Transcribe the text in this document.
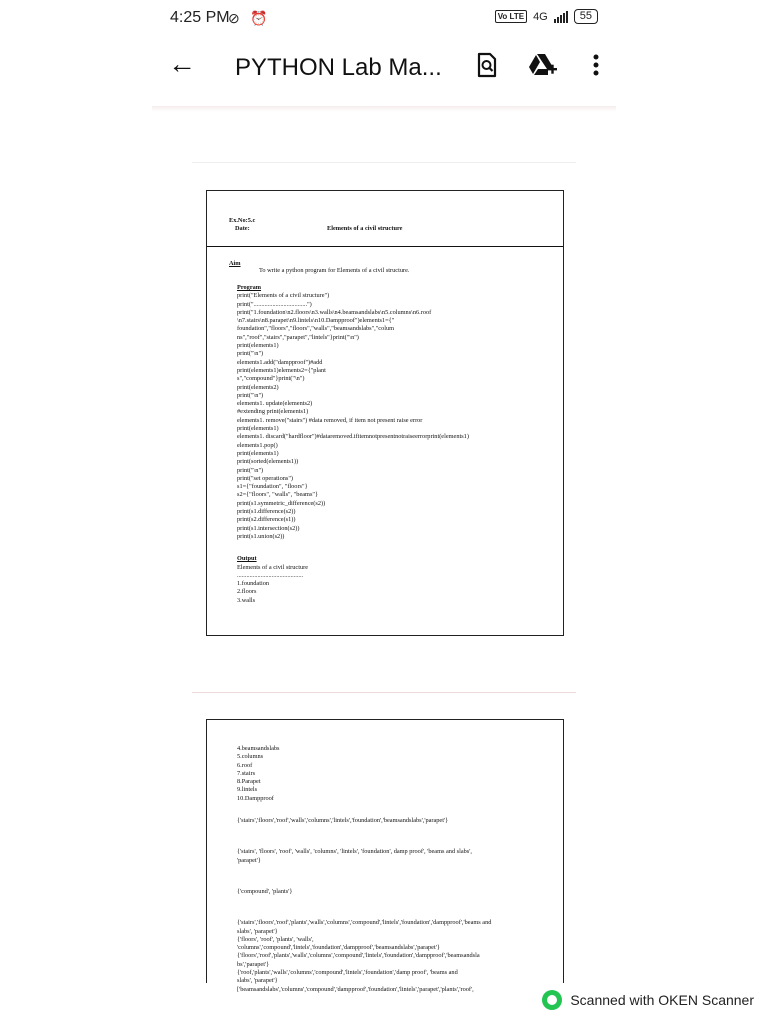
4:25 PM
⊘ ⏰	Vo LTE 4G	55
← PYTHON Lab Ma...
Ex.No:5.c
Date:	Elements of a civil structure
Aim
To write a python program for Elements of a civil structure.
Program
print("Elements of a civil structure")
print("..................................")
print("1.foundation\n2.floors\n3.walls\n4.beamsandslabs\n5.columns\n6.roof
\n7.stairs\n8.parapet\n9.lintels\n10.Dampproof")elements1={"
foundation","floors","floors","walls","beamsandslabs","colum
ns","roof","stairs","parapet","lintels"}print("\n")
print(elements1)
print("\n")
elements1.add("dampproof")#add
print(elements1)elements2={"plant
s","compound"}print("\n")
print(elements2)
print("\n")
elements1. update(elements2)
#extending print(elements1)
elements1. remove("stairs") #data removed, if item not present raise error
print(elements1)
elements1. discard("hardfloor")#dataremoved.ifitemnotpresentnotraiseerrorprint(elements1)
elements1.pop()
print(elements1)
print(sorted(elements1))
print("\n")
print("set operations")
s1={"foundation", "floors"}
s2={"floors", "walls", "beams"}
print(s1.symmetric_difference(s2))
print(s1.difference(s2))
print(s2.difference(s1))
print(s1.intersection(s2))
print(s1.union(s2))
Output
Elements of a civil structure
..........................................
1.foundation
2.floors
3.walls
4.beamsandslabs
5.columns
6.roof
7.stairs
8.Parapet
9.lintels
10.Dampproof
{'stairs','floors','roof','walls','columns','lintels','foundation','beamsandslabs','parapet'}
{'stairs', 'floors', 'roof', 'walls', 'columns', 'lintels', 'foundation', damp proof', 'beams and slabs',
'parapet'}
{'compound', 'plants'}
{'stairs','floors','roof','plants','walls','columns','compound','lintels','foundation','dampproof','beams and
slabs', 'parapet'}
{'floors', 'roof', 'plants', 'walls',
'columns','compound','lintels','foundation','dampproof','beamsandslabs','parapet'}
{'floors','roof','plants','walls','columns','compound','lintels','foundation','dampproof','beamsandsla
bs','parapet'}
{'roof,'plants','walls','columns','compound','lintels','foundation','damp proof', 'beams and
slabs', 'parapet'}
['beamsandslabs','columns','compound','dampproof','foundation','lintels','parapet','plants','roof',
Scanned with OKEN Scanner
